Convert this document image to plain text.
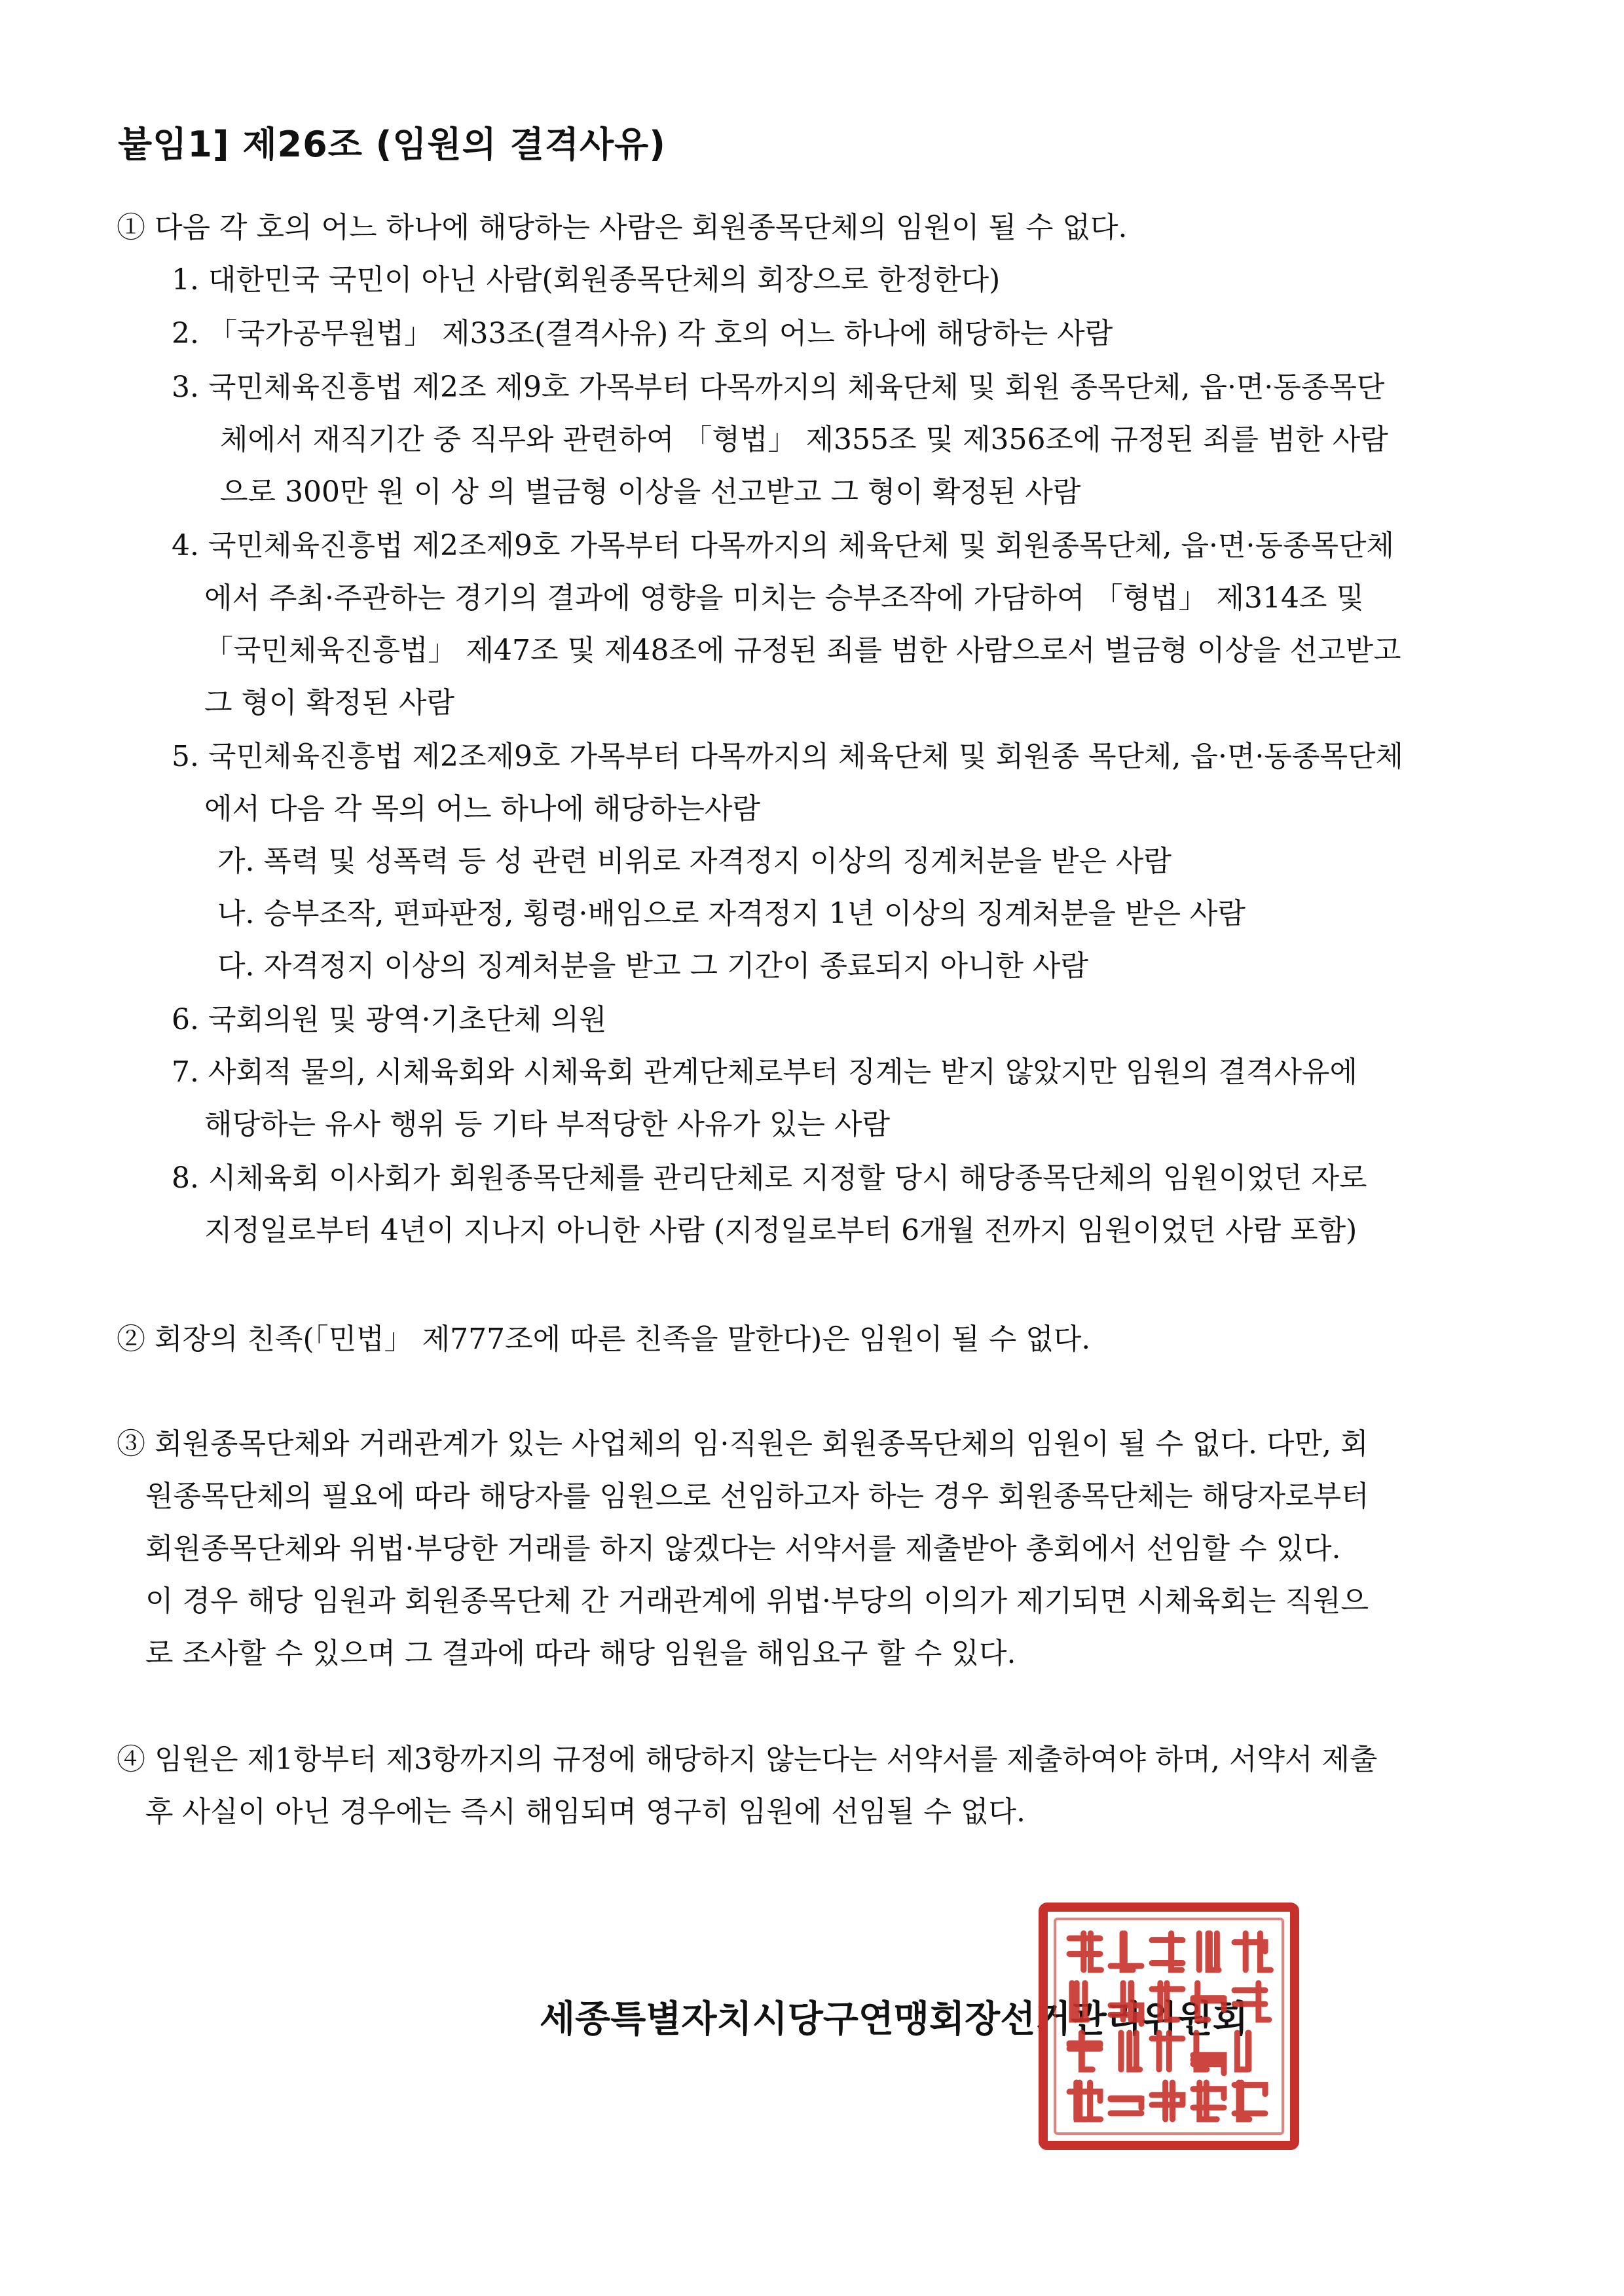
붙임1] 제26조 (임원의 결격사유)
① 다음 각 호의 어느 하나에 해당하는 사람은 회원종목단체의 임원이 될 수 없다.
1. 대한민국 국민이 아닌 사람(회원종목단체의 회장으로 한정한다)
2. 「국가공무원법」 제33조(결격사유) 각 호의 어느 하나에 해당하는 사람
3. 국민체육진흥법 제2조 제9호 가목부터 다목까지의 체육단체 및 회원 종목단체, 읍·면·동종목단
체에서 재직기간 중 직무와 관련하여 「형법」 제355조 및 제356조에 규정된 죄를 범한 사람
으로 300만 원 이 상 의 벌금형 이상을 선고받고 그 형이 확정된 사람
4. 국민체육진흥법 제2조제9호 가목부터 다목까지의 체육단체 및 회원종목단체, 읍·면·동종목단체
에서 주최·주관하는 경기의 결과에 영향을 미치는 승부조작에 가담하여 「형법」 제314조 및
「국민체육진흥법」 제47조 및 제48조에 규정된 죄를 범한 사람으로서 벌금형 이상을 선고받고
그 형이 확정된 사람
5. 국민체육진흥법 제2조제9호 가목부터 다목까지의 체육단체 및 회원종 목단체, 읍·면·동종목단체
에서 다음 각 목의 어느 하나에 해당하는사람
가. 폭력 및 성폭력 등 성 관련 비위로 자격정지 이상의 징계처분을 받은 사람
나. 승부조작, 편파판정, 횡령·배임으로 자격정지 1년 이상의 징계처분을 받은 사람
다. 자격정지 이상의 징계처분을 받고 그 기간이 종료되지 아니한 사람
6. 국회의원 및 광역·기초단체 의원
7. 사회적 물의, 시체육회와 시체육회 관계단체로부터 징계는 받지 않았지만 임원의 결격사유에
해당하는 유사 행위 등 기타 부적당한 사유가 있는 사람
8. 시체육회 이사회가 회원종목단체를 관리단체로 지정할 당시 해당종목단체의 임원이었던 자로
지정일로부터 4년이 지나지 아니한 사람 (지정일로부터 6개월 전까지 임원이었던 사람 포함)
② 회장의 친족(「민법」 제777조에 따른 친족을 말한다)은 임원이 될 수 없다.
③ 회원종목단체와 거래관계가 있는 사업체의 임·직원은 회원종목단체의 임원이 될 수 없다. 다만, 회
원종목단체의 필요에 따라 해당자를 임원으로 선임하고자 하는 경우 회원종목단체는 해당자로부터
회원종목단체와 위법·부당한 거래를 하지 않겠다는 서약서를 제출받아 총회에서 선임할 수 있다.
이 경우 해당 임원과 회원종목단체 간 거래관계에 위법·부당의 이의가 제기되면 시체육회는 직원으
로 조사할 수 있으며 그 결과에 따라 해당 임원을 해임요구 할 수 있다.
④ 임원은 제1항부터 제3항까지의 규정에 해당하지 않는다는 서약서를 제출하여야 하며, 서약서 제출
후 사실이 아닌 경우에는 즉시 해임되며 영구히 임원에 선임될 수 없다.
세종특별자치시당구연맹회장선거관리위원회
